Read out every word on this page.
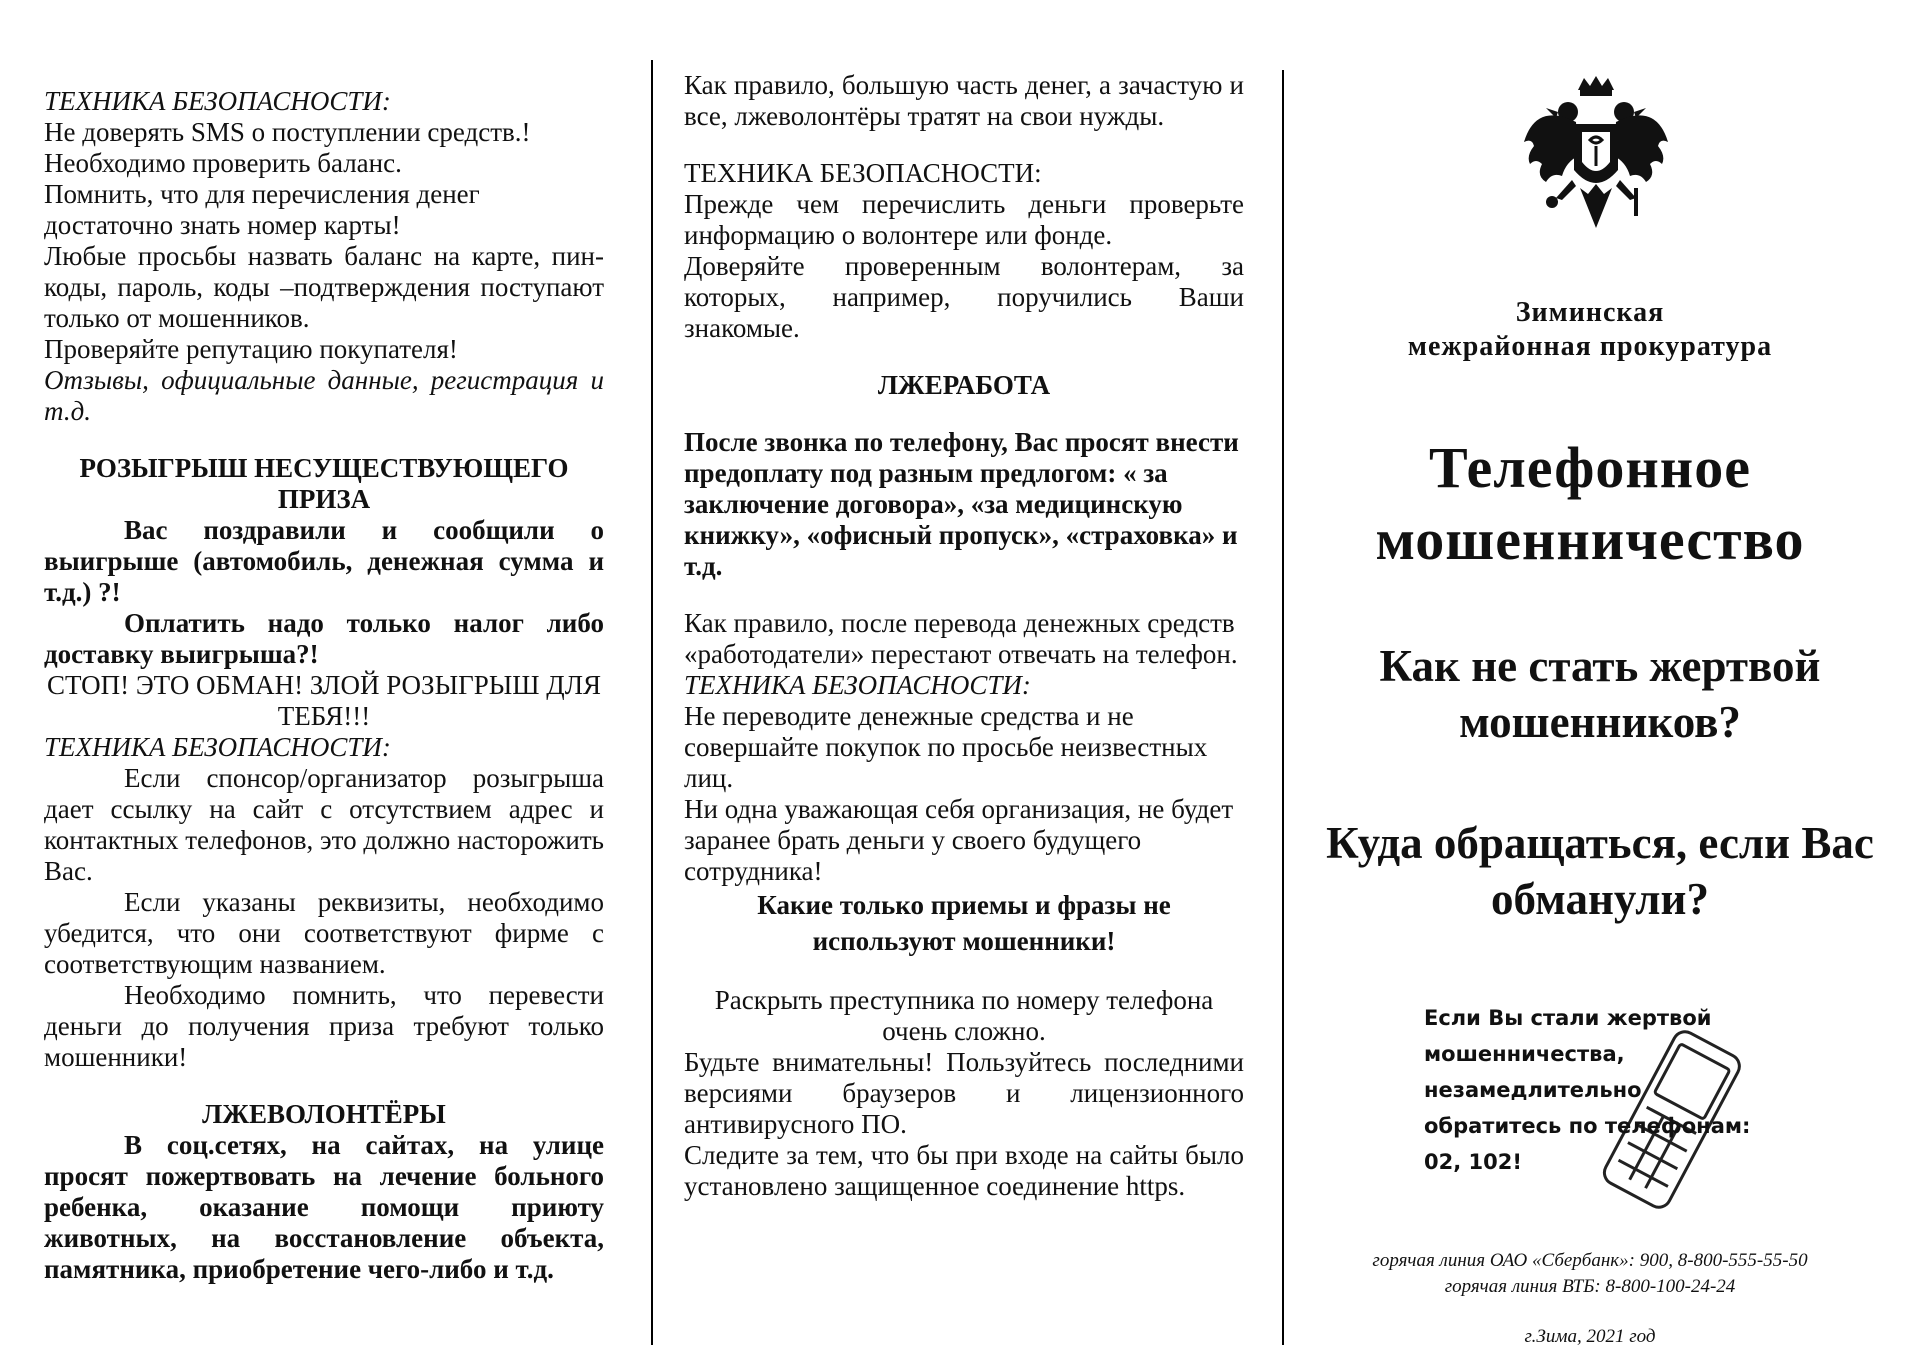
ТЕХНИКА БЕЗОПАСНОСТИ:

Не доверять SMS о поступлении средств.!

Необходимо проверить баланс.

Помнить, что для перечисления денег достаточно знать номер карты!

Любые просьбы назвать баланс на карте, пин-коды, пароль, коды –подтверждения поступают только от мошенников.

Проверяйте репутацию покупателя!

Отзывы, официальные данные, регистрация и т.д.

РОЗЫГРЫШ НЕСУЩЕСТВУЮЩЕГО ПРИЗА

Вас поздравили и сообщили о выигрыше (автомобиль, денежная сумма и т.д.) ?!

Оплатить надо только налог либо доставку выигрыша?!

СТОП! ЭТО ОБМАН! ЗЛОЙ РОЗЫГРЫШ ДЛЯ ТЕБЯ!!!

ТЕХНИКА БЕЗОПАСНОСТИ:

Если спонсор/организатор розыгрыша дает ссылку на сайт с отсутствием адрес и контактных телефонов, это должно насторожить Вас.

Если указаны реквизиты, необходимо убедится, что они соответствуют фирме с соответствующим названием.

Необходимо помнить, что перевести деньги до получения приза требуют только мошенники!

ЛЖЕВОЛОНТЁРЫ

В соц.сетях, на сайтах, на улице просят пожертвовать на лечение больного ребенка, оказание помощи приюту животных, на восстановление объекта, памятника, приобретение чего-либо и т.д.

Как правило, большую часть денег, а зачастую и все, лжеволонтёры тратят на свои нужды.

ТЕХНИКА БЕЗОПАСНОСТИ:

Прежде чем перечислить деньги проверьте информацию о волонтере или фонде.

Доверяйте проверенным волонтерам, за которых, например, поручились Ваши знакомые.

ЛЖЕРАБОТА

После звонка по телефону, Вас просят внести предоплату под разным предлогом: « за заключение договора», «за медицинскую книжку», «офисный пропуск», «страховка» и т.д.

Как правило, после перевода денежных средств «работодатели» перестают отвечать на телефон.

ТЕХНИКА БЕЗОПАСНОСТИ:

Не переводите денежные средства и не совершайте покупок по просьбе неизвестных лиц.

Ни одна уважающая себя организация, не будет заранее брать деньги у своего будущего сотрудника!

Какие только приемы и фразы не используют мошенники!

Раскрыть преступника по номеру телефона очень сложно.

Будьте внимательны! Пользуйтесь последними версиями браузеров и лицензионного антивирусного ПО.

Следите за тем, что бы при входе на сайты было установлено защищенное соединение https.

Зиминская
межрайонная прокуратура
Телефонное мошенничество
Как не стать жертвой мошенников?
Куда обращаться, если Вас обманули?
Если Вы стали жертвой
мошенничества,
незамедлительно
обратитесь по телефонам:
02, 102!
горячая линия ОАО «Сбербанк»: 900, 8-800-555-55-50
горячая линия ВТБ: 8-800-100-24-24
г.Зима, 2021 год
